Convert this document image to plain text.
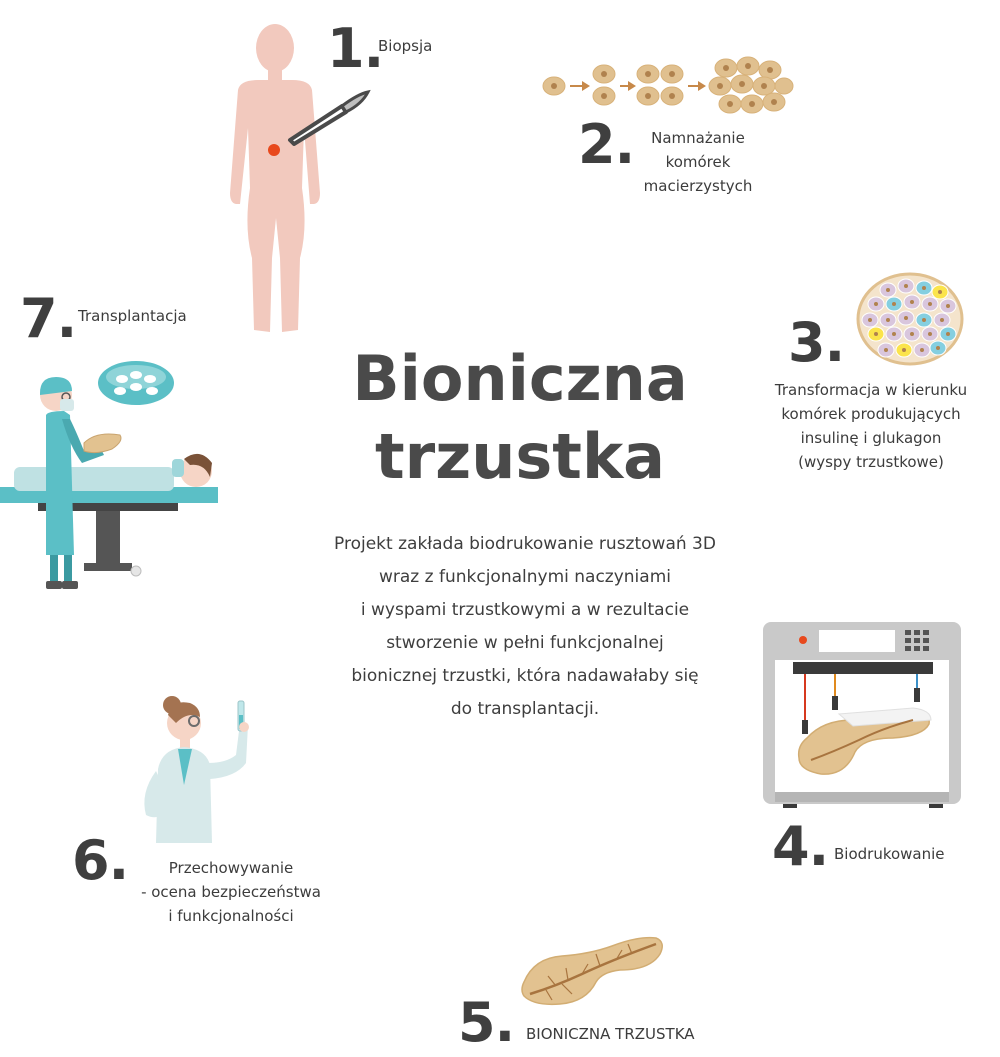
Bioniczna
trzustka
Projekt zakłada biodrukowanie rusztowań 3D
wraz z funkcjonalnymi naczyniami
i wyspami trzustkowymi a w rezultacie
stworzenie w pełni funkcjonalnej
bionicznej trzustki, która nadawałaby się
do transplantacji.
1.
Biopsja
2.	Namnażanie
komórek
macierzystych
3.
Transformacja w kierunku
komórek produkujących
insulinę i glukagon
(wyspy trzustkowe)
4. Biodrukowanie
5. BIONICZNA TRZUSTKA
6.	Przechowywanie
- ocena bezpieczeństwa
i funkcjonalności
7. Transplantacja
